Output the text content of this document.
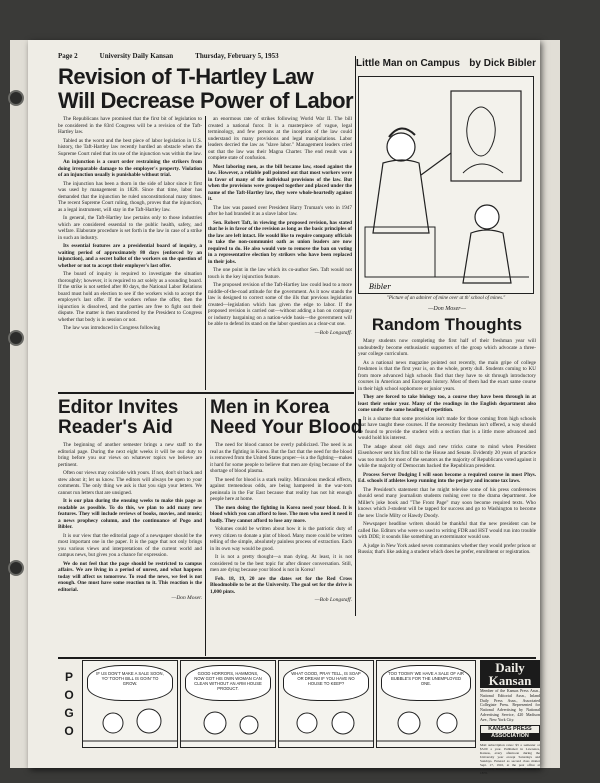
Page 2	University Daily Kansan	Thursday, February 5, 1953
Revision of T-Hartley Law
Will Decrease Power of Labor

The Republicans have promised that the first bit of legislation to be considered in the 83rd Congress will be a revision of the Taft-Hartley law.

Tabled as the worst and the best piece of labor legislation in U.S. history, the Taft-Hartley law recently hurdled an obstacle when the Supreme Court ruled that its use of the injunction was within the law.

An injunction is a court order restraining the strikers from doing irreparable damage to the employer's property. Violation of an injunction usually is punishable without trial.

The injunction has been a thorn in the side of labor since it first was used by management in 1828. Since that time, labor has demanded that the injunction be ruled unconstitutional many times. The recent Supreme Court ruling, though, proves that the injunction, as a legal instrument, will stay in the Taft-Hartley law.

In general, the Taft-Hartley law pertains only to those industries which are considered essential to the public health, safety, and welfare. Elaborate procedure is set forth in the law in case of a strike in such an industry.

Its essential features are a presidential board of inquiry, a waiting period of approximately 80 days (enforced by an injunction), and a secret ballot of the workers on the question of whether or not to accept their employer's last offer.

The board of inquiry is required to investigate the situation thoroughly; however, it is required to act solely as a sounding board. If the strike is not settled after 80 days, the National Labor Relations board must hold an election to see if the workers wish to accept the employer's last offer. If the workers refuse the offer, then the injunction is dissolved, and the parties are free to fight out their dispute. The matter is then transferred by the President to Congress whether that body is in session or not.

The law was introduced in Congress following

an enormous rate of strikes following World War II. The bill created a national furor. It is a masterpiece of vague, legal terminology, and few persons at the inception of the law could understand its many provisions and legal manipulations. Labor leaders decried the law as "slave labor." Management leaders cried out that the law was their Magna Charter. The end result was a complete state of confusion.

Most laboring men, as the bill became law, stood against the law. However, a reliable poll pointed out that most workers were in favor of many of the individual provisions of the law. But when the provisions were grouped together and placed under the name of the Taft-Hartley law, they were whole-heartedly against it.

The law was passed over President Harry Truman's veto in 1947 after he had branded it as a slave labor law.

Sen. Robert Taft, in viewing the proposed revision, has stated that he is in favor of the revision as long as the basic principles of the law are left intact. He would like to require company officials to take the non-communist oath as union leaders are now required to do. He also would vote to remove the ban on voting in a representative election by strikers who have been replaced in their jobs.

The one point in the law which its co-author Sen. Taft would not touch is the key injunction feature.

The proposed revision of the Taft-Hartley law could lead to a more middle-of-the-road attitude for the government. As it now stands the law is designed to correct some of the ills that previous legislation created—legislation which has given the edge to labor. If the proposed revision is carried out—without adding a ban on company or industry bargaining on a nation-wide basis—the government will be able to defend its stand on the labor question as a clear-cut one.

—Bob Longstaff.
Little Man on Campus by Dick Bibler
Bibler
"Picture of an admirer of mine over at th' school of mines."
—Don Moser—
Random Thoughts

Many students now completing the first half of their freshman year will undoubtedly become enthusiastic supporters of the group which advocate a three-year college curriculum.

As a national news magazine pointed out recently, the main gripe of college freshmen is that the first year is, on the whole, pretty dull. Students coming to KU from more advanced high schools find that they have to sit through introductory courses in American and European history. Most of them had the exact same course in their high school sophomore or junior years.

They are forced to take biology too, a course they have been through in at least their senior year. Many of the readings in the English department also come under the same heading of repetition.

It is a shame that some provision isn't made for those coming from high schools that have taught these courses. If the necessity freshman isn't offered, a way should be found to provide the student with a section that is a little more advanced and would hold his interest.

The adage about old dogs and new tricks came to mind when President Eisenhower sent his first bill to the House and Senate. Evidently 20 years of practice was too much for most of the senators as the majority of Republicans voted against it while the majority of Democrats backed the Republican president.

Process Server Dodging I will soon become a required course in most Phys. Ed. schools if athletes keep running into the perjury and income tax laws.

The President's statement that he might televise some of his press conferences should send many journalism students rushing over to the drama department. Joe Miller's joke book and "The Front Page" may soon become required texts. Who knows which J-student will be tapped for success and go to Washington to become the new Uncle Milty or Hawdy Doody.

Newspaper headline writers should be thankful that the new president can be called Ike. Editors who were so used to writing FDR and HST would run into trouble with DDE; it sounds like something an exterminator would use.

A judge in New York asked seven communists whether they would prefer prison or Russia; that's like asking a student which does he prefer, enrollment or registration.

Editor Invites
Reader's Aid

The beginning of another semester brings a new staff to the editorial page. During the next eight weeks it will be our duty to bring before you our views on whatever topics we believe are pertinent.

Often our views may coincide with yours. If not, don't sit back and stew about it; let us know. The editors will always be open to your comments. The only thing we ask is that you sign your letters. We cannot run letters that are unsigned.

It is our plan during the ensuing weeks to make this page as readable as possible. To do this, we plan to add many new features. They will include reviews of books, movies, and music; a news prophecy column, and the continuance of Pogo and Bibler.

It is our view that the editorial page of a newspaper should be the most important one in the paper. It is the page that not only brings you various views and interpretations of the current world and campus news, but gives you a chance for expression.

We do not feel that the page should be restricted to campus affairs. We are living in a period of unrest, and what happens today will affect us tomorrow. To read the news, we feel is not enough. One must have some reaction to it. This reaction is the editorial.

—Don Moser.
Men in Korea
Need Your Blood

The need for blood cannot be overly publicized. The need is as real as the fighting in Korea. But the fact that the need for the blood is removed from the United States proper—is a the fighting—makes it hard for some people to believe that men are dying because of the shortage of blood plasma.

The need for blood is a stark reality. Miraculous medical effects, against tremendous odds, are being hampered in the war-torn peninsula in the Far East because that reality has not hit enough people here at home.

The men doing the fighting in Korea need your blood. It is blood which you can afford to lose. The men who need it need it badly. They cannot afford to lose any more.

Volumes could be written about how it is the patriotic duty of every citizen to donate a pint of blood. Many more could be written telling of the simple, absolutely painless process of extraction. Each in its own way would be good.

It is not a pretty thought—a man dying. At least, it is not considered to be the best topic for after dinner conversation. Still, men are dying because your blood is not in Korea!

Feb. 18, 19, 20 are the dates set for the Red Cross Bloodmobile to be at the University. The goal set for the drive is 1,000 pints.

—Bob Longstaff.
POGO
IF US DON'T MAKE A SALE SOON, YO' TOOTH BILL IS GOIN' TO GROW.
GOOD HORRORS, HAMMONS, NOW GOT HIS OWN WOMAN CAN CLEAN WITHOUT AN ARM HOUSE PRODUCT.
WHAT GOOD, PRAY TELL, IS SOAP OR DREAM IF YOU HAVE NO HOUSE TO KEEP?
TOO TOOMY WE HAVE A SALE OF AIR BUBBLE'S FOR THE UNEMPLOYED ONE.
Daily Kansan
Member of the Kansas Press Assn., National Editorial Assn., Inland Daily Press Assn., Associated Collegiate Press. Represented for National Advertising by National Advertising Service, 420 Madison Ave., New York City.
KANSAS PRESS
ASSOCIATION
Mail subscription rates: $3 a semester or $5.00 a year. Published in Lawrence, Kansas, every afternoon during the University year except Saturdays and Sundays. Entered as second class matter Sept. 17, 1910, at the post office at Lawrence, Kansas, under act of March 3, 1879.
